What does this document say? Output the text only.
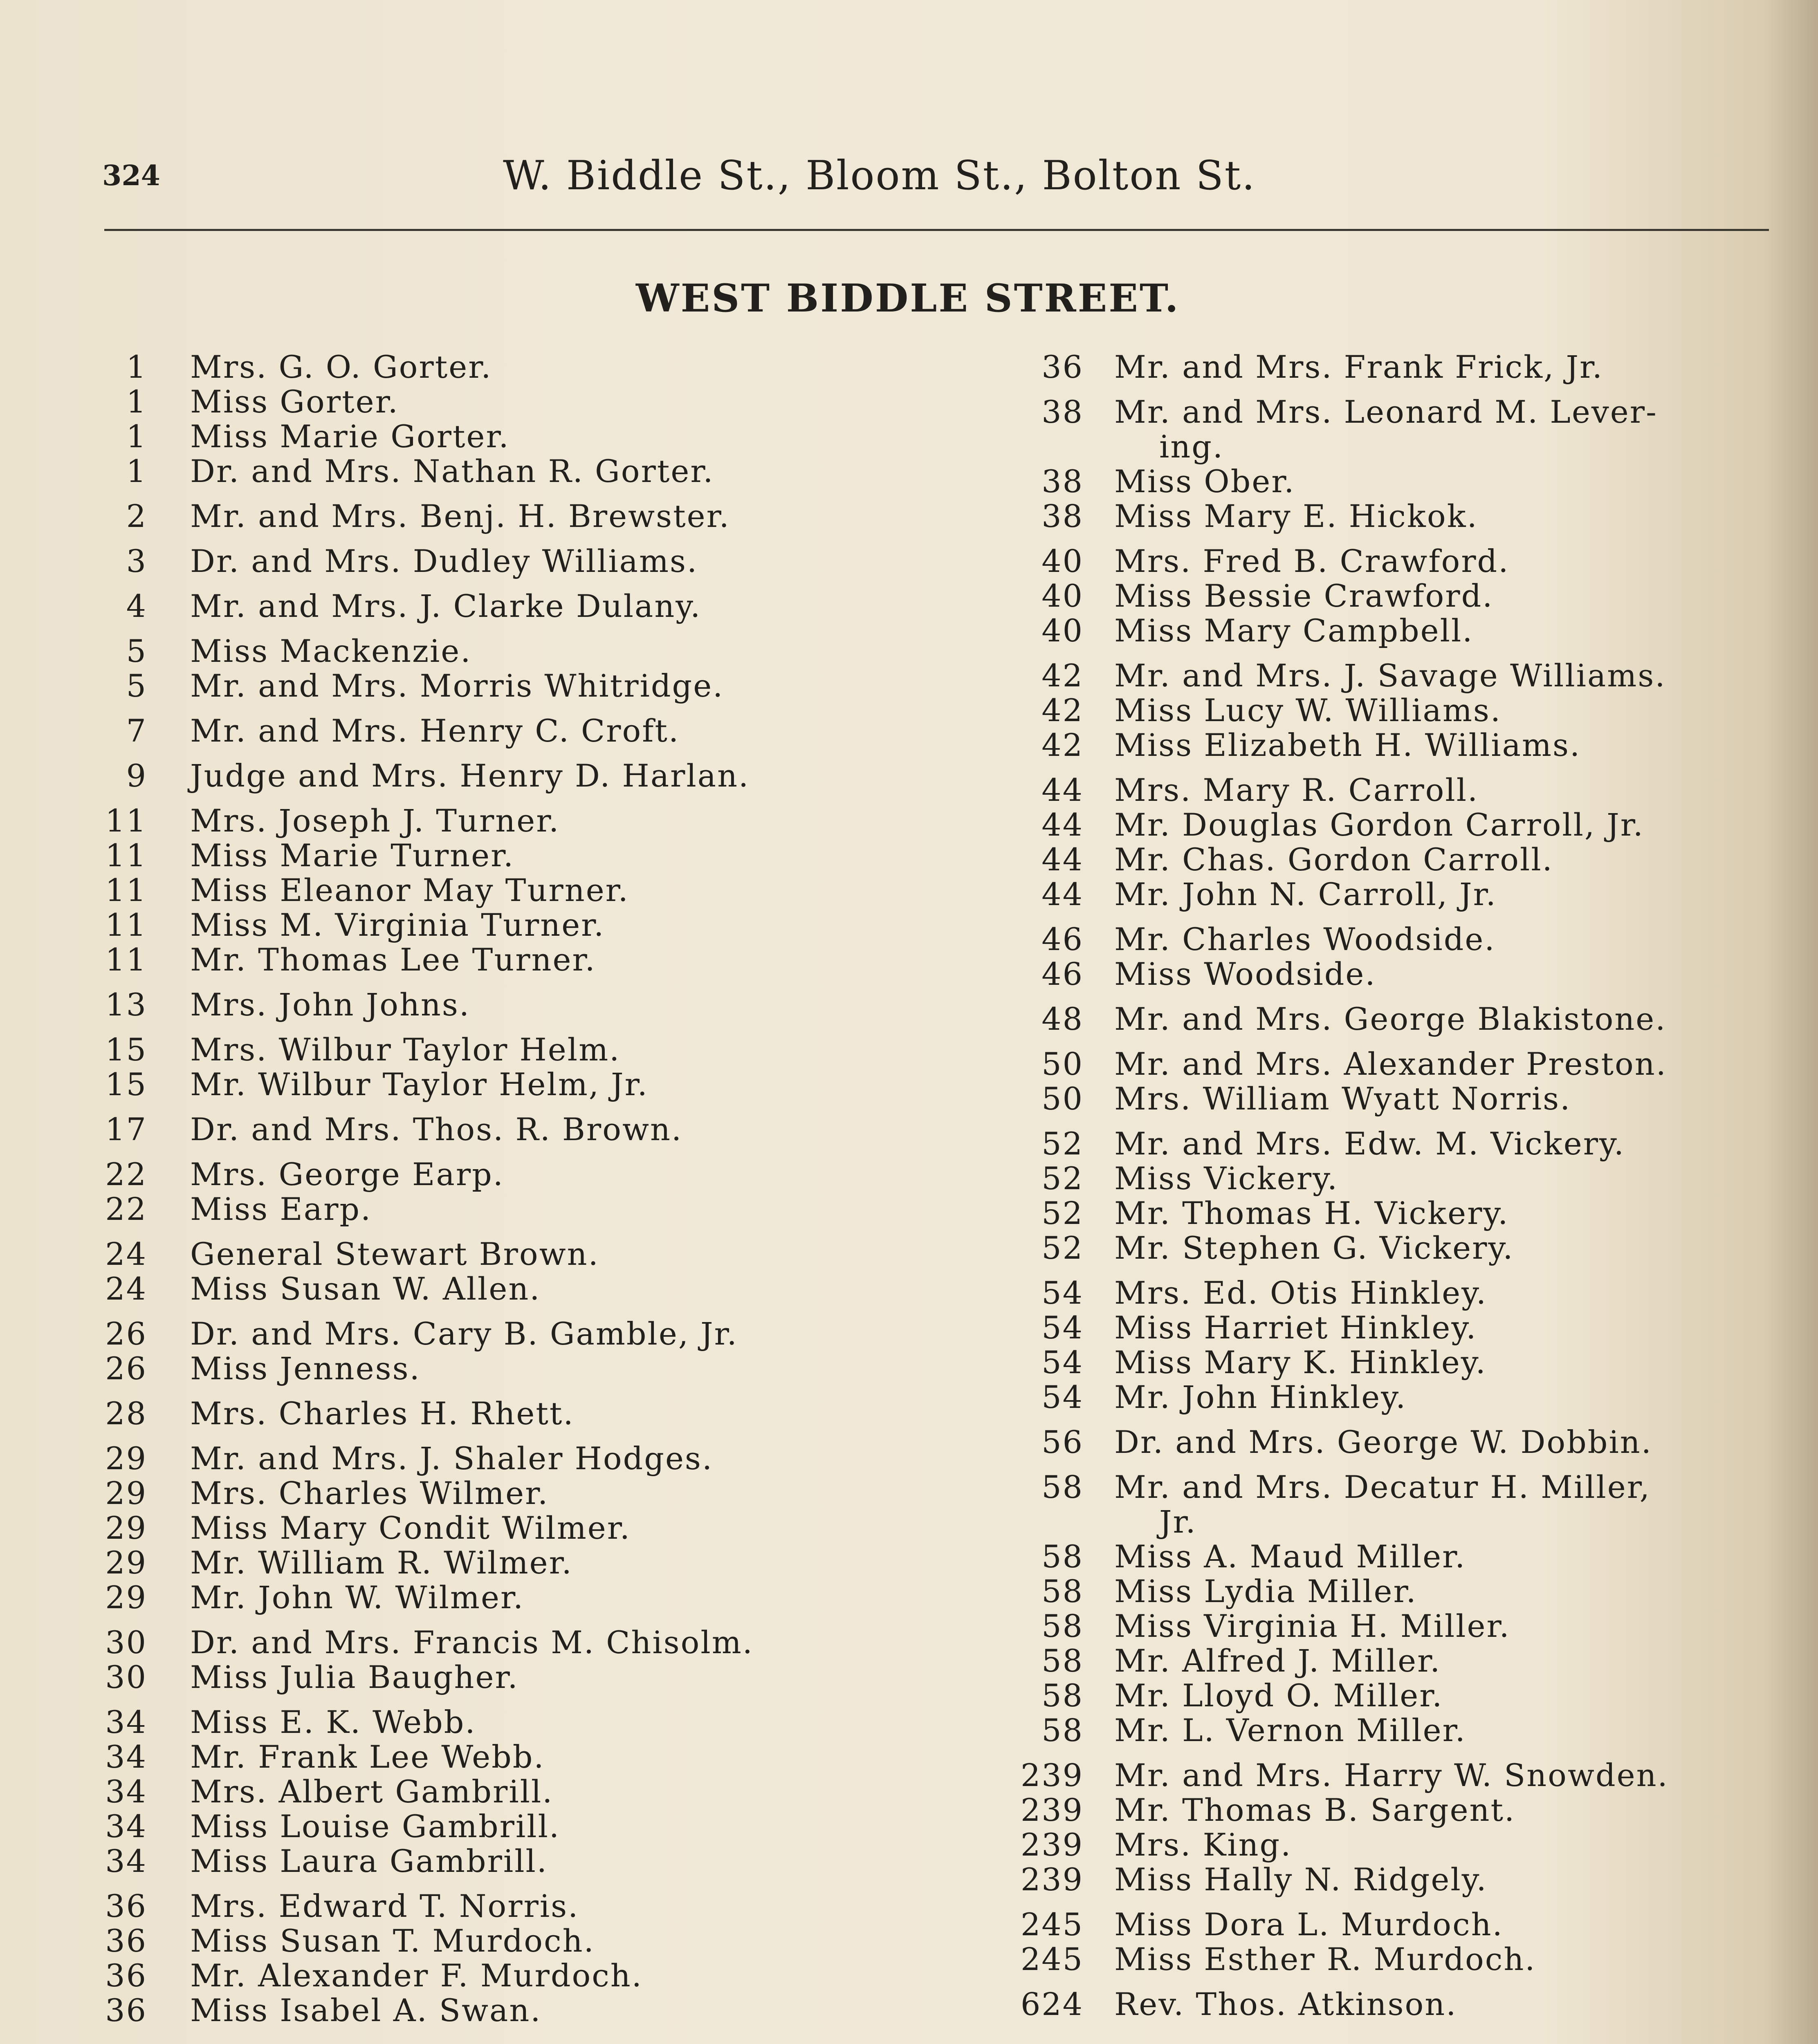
324	W. Biddle St., Bloom St., Bolton St.
WEST BIDDLE STREET.
1	Mrs. G. O. Gorter.
1	Miss Gorter.
1	Miss Marie Gorter.
1	Dr. and Mrs. Nathan R. Gorter.
2	Mr. and Mrs. Benj. H. Brewster.
3	Dr. and Mrs. Dudley Williams.
4	Mr. and Mrs. J. Clarke Dulany.
5	Miss Mackenzie.
5	Mr. and Mrs. Morris Whitridge.
7	Mr. and Mrs. Henry C. Croft.
9	Judge and Mrs. Henry D. Harlan.
11	Mrs. Joseph J. Turner.
11	Miss Marie Turner.
11	Miss Eleanor May Turner.
11	Miss M. Virginia Turner.
11	Mr. Thomas Lee Turner.
13	Mrs. John Johns.
15	Mrs. Wilbur Taylor Helm.
15	Mr. Wilbur Taylor Helm, Jr.
17	Dr. and Mrs. Thos. R. Brown.
22	Mrs. George Earp.
22	Miss Earp.
24	General Stewart Brown.
24	Miss Susan W. Allen.
26	Dr. and Mrs. Cary B. Gamble, Jr.
26	Miss Jenness.
28	Mrs. Charles H. Rhett.
29	Mr. and Mrs. J. Shaler Hodges.
29	Mrs. Charles Wilmer.
29	Miss Mary Condit Wilmer.
29	Mr. William R. Wilmer.
29	Mr. John W. Wilmer.
30	Dr. and Mrs. Francis M. Chisolm.
30	Miss Julia Baugher.
34	Miss E. K. Webb.
34	Mr. Frank Lee Webb.
34	Mrs. Albert Gambrill.
34	Miss Louise Gambrill.
34	Miss Laura Gambrill.
36	Mrs. Edward T. Norris.
36	Miss Susan T. Murdoch.
36	Mr. Alexander F. Murdoch.
36	Miss Isabel A. Swan.
36 Mr. and Mrs. Frank Frick, Jr.
38 Mr. and Mrs. Leonard M. Lever-
ing.
38 Miss Ober.
38 Miss Mary E. Hickok.
40 Mrs. Fred B. Crawford.
40 Miss Bessie Crawford.
40 Miss Mary Campbell.
42 Mr. and Mrs. J. Savage Williams.
42 Miss Lucy W. Williams.
42 Miss Elizabeth H. Williams.
44 Mrs. Mary R. Carroll.
44 Mr. Douglas Gordon Carroll, Jr.
44 Mr. Chas. Gordon Carroll.
44 Mr. John N. Carroll, Jr.
46 Mr. Charles Woodside.
46 Miss Woodside.
48 Mr. and Mrs. George Blakistone.
50 Mr. and Mrs. Alexander Preston.
50 Mrs. William Wyatt Norris.
52 Mr. and Mrs. Edw. M. Vickery.
52 Miss Vickery.
52 Mr. Thomas H. Vickery.
52 Mr. Stephen G. Vickery.
54 Mrs. Ed. Otis Hinkley.
54 Miss Harriet Hinkley.
54 Miss Mary K. Hinkley.
54 Mr. John Hinkley.
56 Dr. and Mrs. George W. Dobbin.
58 Mr. and Mrs. Decatur H. Miller,
Jr.
58 Miss A. Maud Miller.
58 Miss Lydia Miller.
58 Miss Virginia H. Miller.
58 Mr. Alfred J. Miller.
58 Mr. Lloyd O. Miller.
58 Mr. L. Vernon Miller.
239 Mr. and Mrs. Harry W. Snowden.
239 Mr. Thomas B. Sargent.
239 Mrs. King.
239 Miss Hally N. Ridgely.
245 Miss Dora L. Murdoch.
245 Miss Esther R. Murdoch.
624 Rev. Thos. Atkinson.
